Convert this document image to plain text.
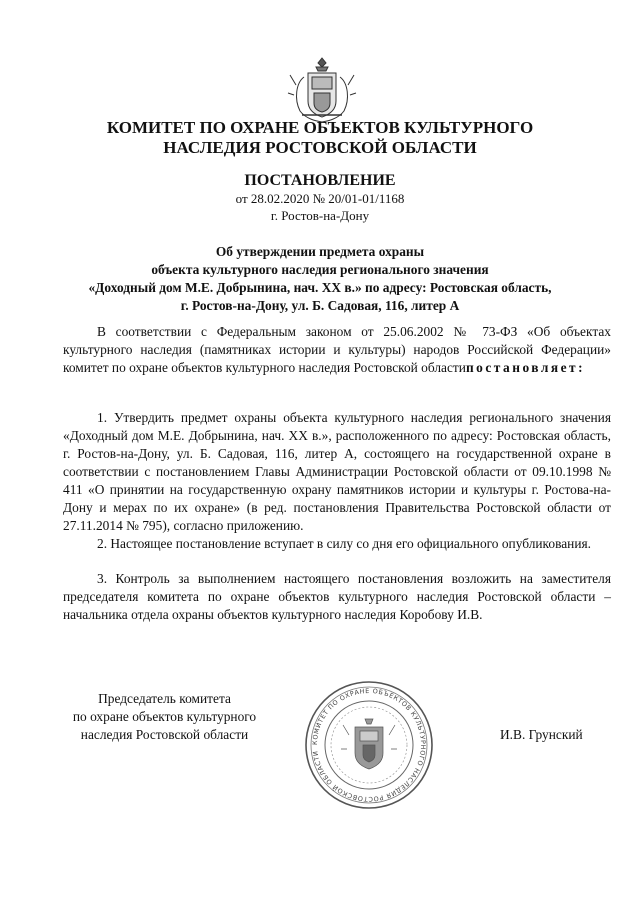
КОМИТЕТ ПО ОХРАНЕ ОБЪЕКТОВ КУЛЬТУРНОГО
НАСЛЕДИЯ РОСТОВСКОЙ ОБЛАСТИ
ПОСТАНОВЛЕНИЕ
от 28.02.2020 № 20/01-01/1168
г. Ростов-на-Дону
Об утверждении предмета охраны
объекта культурного наследия регионального значения
«Доходный дом М.Е. Добрынина, нач. XX в.» по адресу: Ростовская область,
г. Ростов-на-Дону, ул. Б. Садовая, 116, литер А
В соответствии с Федеральным законом от 25.06.2002 № 73-ФЗ «Об объектах культурного наследия (памятниках истории и культуры) народов Российской Федерации» комитет по охране объектов культурного наследия Ростовской областипостановляет:
1. Утвердить предмет охраны объекта культурного наследия регионального значения «Доходный дом М.Е. Добрынина, нач. XX в.», расположенного по адресу: Ростовская область, г. Ростов-на-Дону, ул. Б. Садовая, 116, литер А, состоящего на государственной охране в соответствии с постановлением Главы Администрации Ростовской области от 09.10.1998 № 411 «О принятии на государственную охрану памятников истории и культуры г. Ростова-на-Дону и мерах по их охране» (в ред. постановления Правительства Ростовской области от 27.11.2014 № 795), согласно приложению.
2. Настоящее постановление вступает в силу со дня его официального опубликования.
3. Контроль за выполнением настоящего постановления возложить на заместителя председателя комитета по охране объектов культурного наследия Ростовской области – начальника отдела охраны объектов культурного наследия Коробову И.В.
Председатель комитета
по охране объектов культурного
наследия Ростовской области
КОМИТЕТ ПО ОХРАНЕ ОБЪЕКТОВ КУЛЬТУРНОГО НАСЛЕДИЯ РОСТОВСКОЙ ОБЛАСТИ
И.В. Грунский
